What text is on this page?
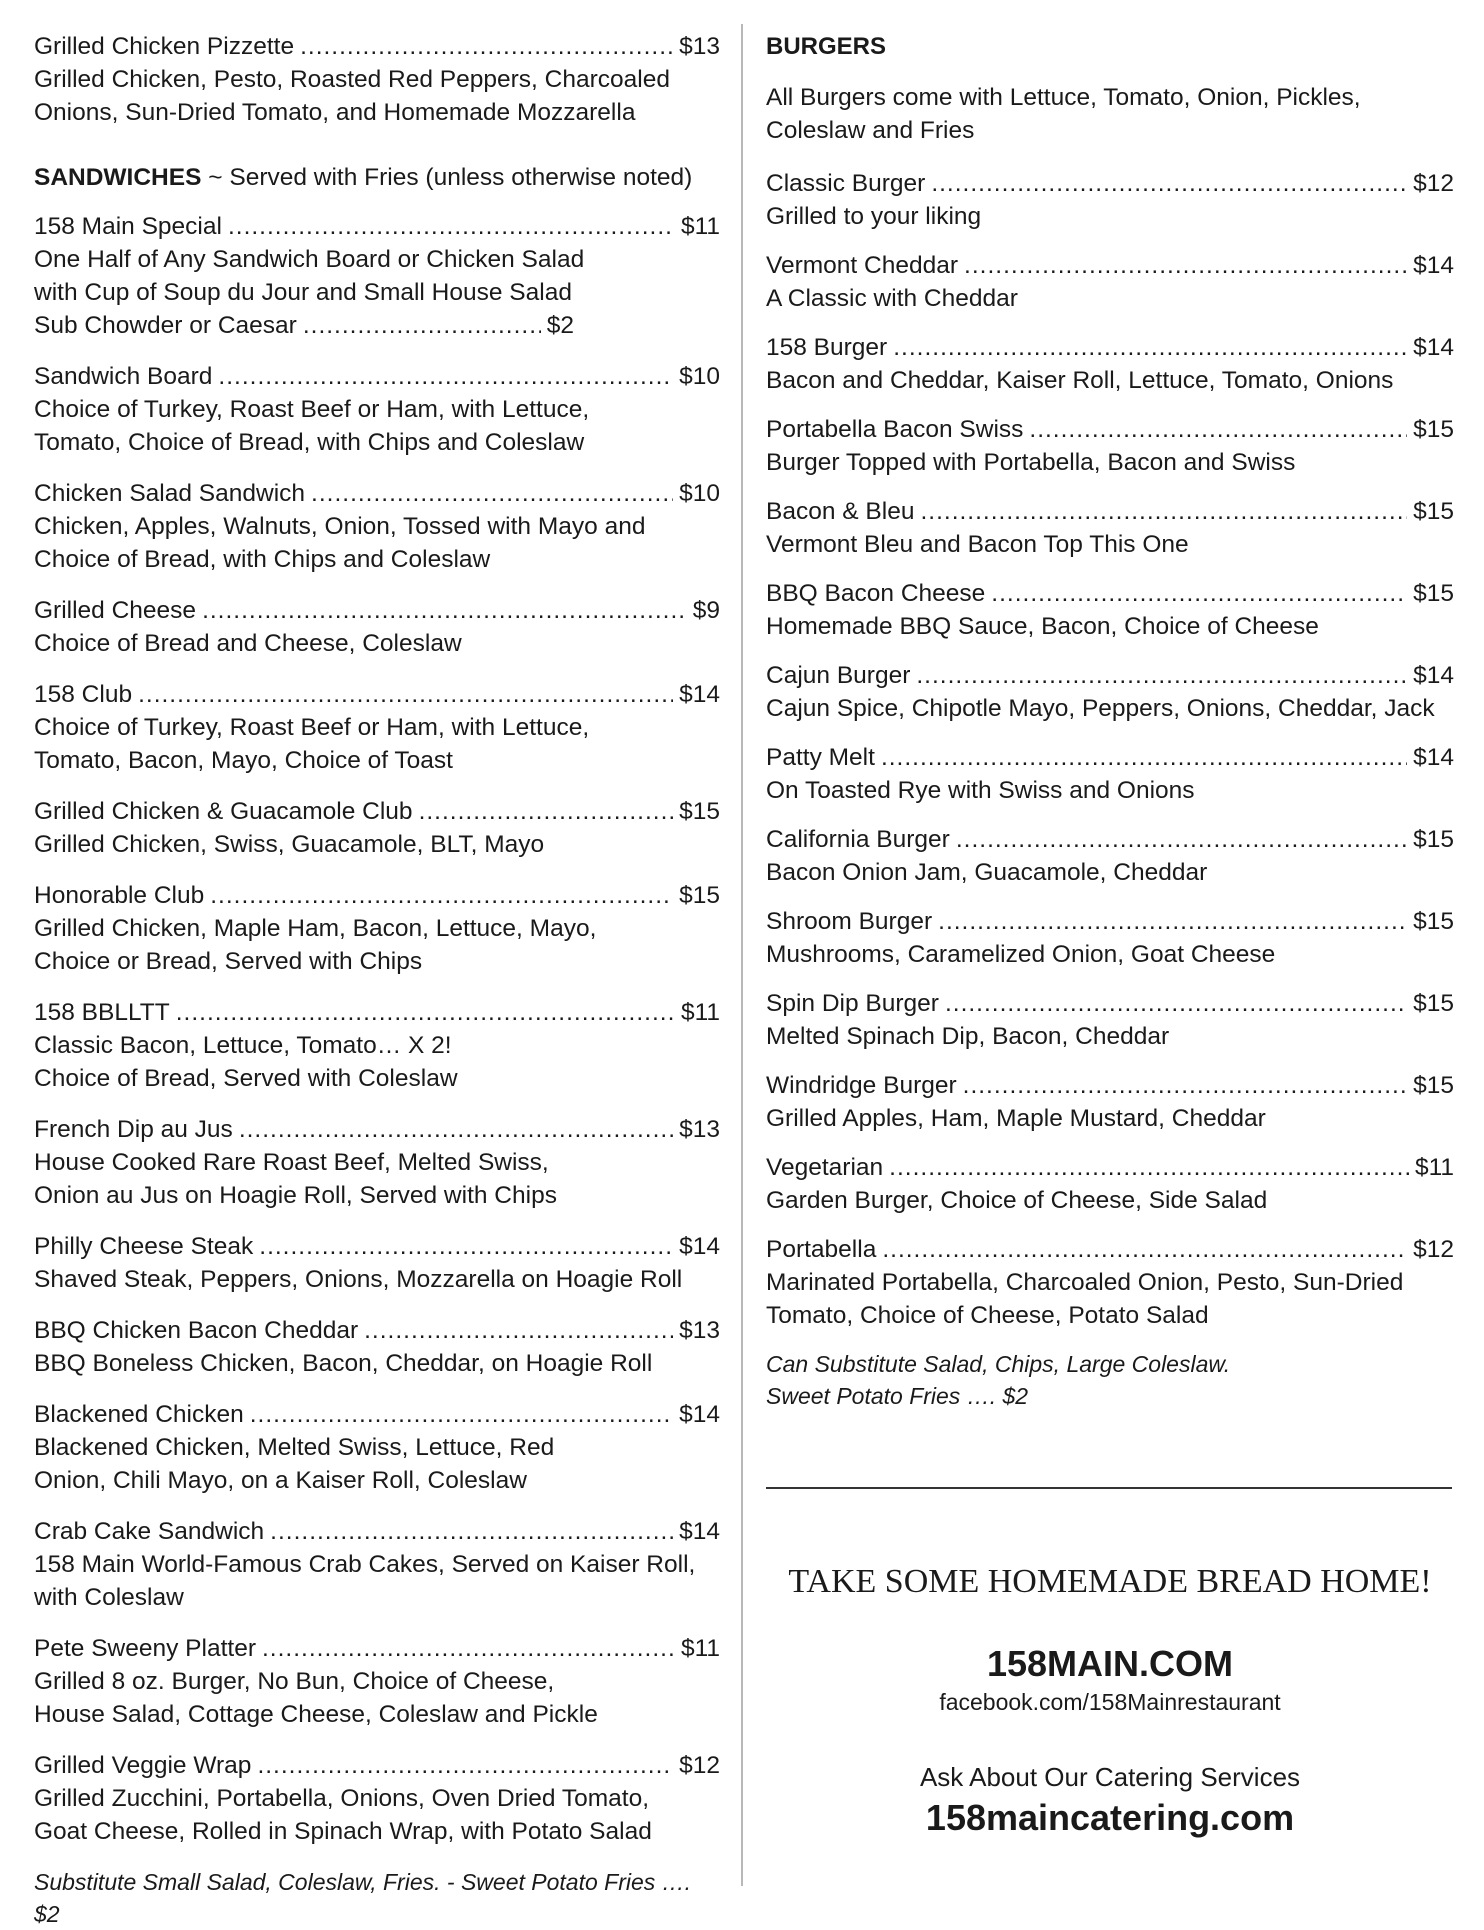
Grilled Chicken Pizzette .....	$13
Grilled Chicken, Pesto, Roasted Red Peppers, Charcoaled
Onions, Sun-Dried Tomato, and Homemade Mozzarella
SANDWICHES ~ Served with Fries (unless otherwise noted)
158 Main Special .....	$11
One Half of Any Sandwich Board or Chicken Salad
with Cup of Soup du Jour and Small House Salad
Sub Chowder or Caesar .....	$2
Sandwich Board .....	$10
Choice of Turkey, Roast Beef or Ham, with Lettuce,
Tomato, Choice of Bread, with Chips and Coleslaw
Chicken Salad Sandwich .....	$10
Chicken, Apples, Walnuts, Onion, Tossed with Mayo and
Choice of Bread, with Chips and Coleslaw
Grilled Cheese .....	$9
Choice of Bread and Cheese, Coleslaw
158 Club .....	$14
Choice of Turkey, Roast Beef or Ham, with Lettuce,
Tomato, Bacon, Mayo, Choice of Toast
Grilled Chicken & Guacamole Club .....	$15
Grilled Chicken, Swiss, Guacamole, BLT, Mayo
Honorable Club .....	$15
Grilled Chicken, Maple Ham, Bacon, Lettuce, Mayo,
Choice or Bread, Served with Chips
158 BBLLTT .....	$11
Classic Bacon, Lettuce, Tomato… X 2!
Choice of Bread, Served with Coleslaw
French Dip au Jus .....	$13
House Cooked Rare Roast Beef, Melted Swiss,
Onion au Jus on Hoagie Roll, Served with Chips
Philly Cheese Steak .....	$14
Shaved Steak, Peppers, Onions, Mozzarella on Hoagie Roll
BBQ Chicken Bacon Cheddar .....	$13
BBQ Boneless Chicken, Bacon, Cheddar, on Hoagie Roll
Blackened Chicken .....	$14
Blackened Chicken, Melted Swiss, Lettuce, Red
Onion, Chili Mayo, on a Kaiser Roll, Coleslaw
Crab Cake Sandwich .....	$14
158 Main World-Famous Crab Cakes, Served on Kaiser Roll,
with Coleslaw
Pete Sweeny Platter .....	$11
Grilled 8 oz. Burger, No Bun, Choice of Cheese,
House Salad, Cottage Cheese, Coleslaw and Pickle
Grilled Veggie Wrap .....	$12
Grilled Zucchini, Portabella, Onions, Oven Dried Tomato,
Goat Cheese, Rolled in Spinach Wrap, with Potato Salad
Substitute Small Salad, Coleslaw, Fries. - Sweet Potato Fries …. $2
BURGERS
All Burgers come with Lettuce, Tomato, Onion, Pickles,
Coleslaw and Fries
Classic Burger .....	$12
Grilled to your liking
Vermont Cheddar .....	$14
A Classic with Cheddar
158 Burger .....	$14
Bacon and Cheddar, Kaiser Roll, Lettuce, Tomato, Onions
Portabella Bacon Swiss .....	$15
Burger Topped with Portabella, Bacon and Swiss
Bacon & Bleu .....	$15
Vermont Bleu and Bacon Top This One
BBQ Bacon Cheese .....	$15
Homemade BBQ Sauce, Bacon, Choice of Cheese
Cajun Burger .....	$14
Cajun Spice, Chipotle Mayo, Peppers, Onions, Cheddar, Jack
Patty Melt .....	$14
On Toasted Rye with Swiss and Onions
California Burger .....	$15
Bacon Onion Jam, Guacamole, Cheddar
Shroom Burger .....	$15
Mushrooms, Caramelized Onion, Goat Cheese
Spin Dip Burger .....	$15
Melted Spinach Dip, Bacon, Cheddar
Windridge Burger .....	$15
Grilled Apples, Ham, Maple Mustard, Cheddar
Vegetarian .....	$11
Garden Burger, Choice of Cheese, Side Salad
Portabella .....	$12
Marinated Portabella, Charcoaled Onion, Pesto, Sun-Dried
Tomato, Choice of Cheese, Potato Salad
Can Substitute Salad, Chips, Large Coleslaw.
Sweet Potato Fries …. $2
TAKE SOME HOMEMADE BREAD HOME!
158MAIN.COM
facebook.com/158Mainrestaurant
Ask About Our Catering Services
158maincatering.com
